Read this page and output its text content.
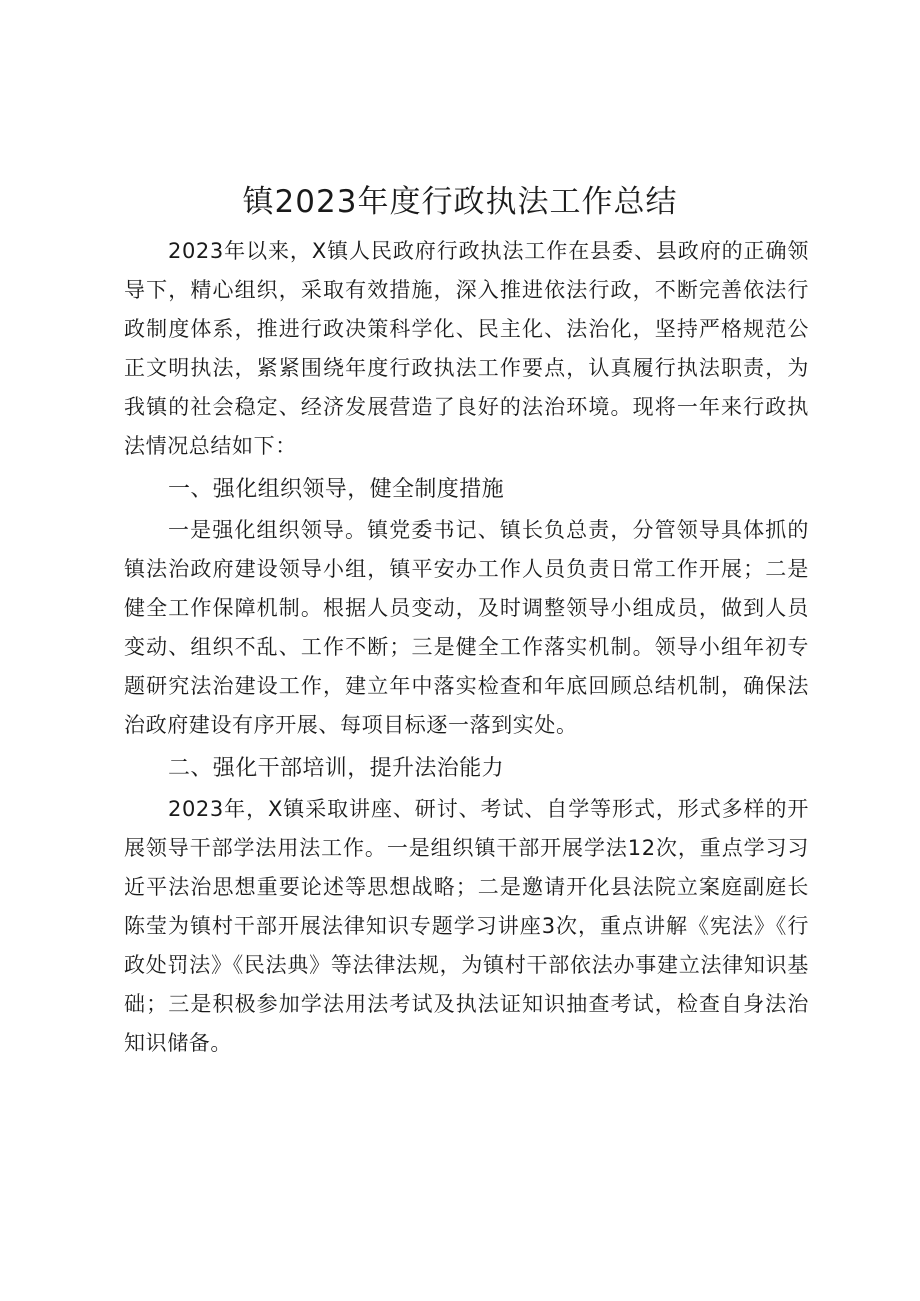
镇2023年度行政执法工作总结

2023年以来，X镇人民政府行政执法工作在县委、县政府的正确领导下，精心组织，采取有效措施，深入推进依法行政，不断完善依法行政制度体系，推进行政决策科学化、民主化、法治化，坚持严格规范公正文明执法，紧紧围绕年度行政执法工作要点，认真履行执法职责，为我镇的社会稳定、经济发展营造了良好的法治环境。现将一年来行政执法情况总结如下：

一、强化组织领导，健全制度措施

一是强化组织领导。镇党委书记、镇长负总责，分管领导具体抓的镇法治政府建设领导小组，镇平安办工作人员负责日常工作开展；二是健全工作保障机制。根据人员变动，及时调整领导小组成员，做到人员变动、组织不乱、工作不断；三是健全工作落实机制。领导小组年初专题研究法治建设工作，建立年中落实检查和年底回顾总结机制，确保法治政府建设有序开展、每项目标逐一落到实处。

二、强化干部培训，提升法治能力

2023年，X镇采取讲座、研讨、考试、自学等形式，形式多样的开展领导干部学法用法工作。一是组织镇干部开展学法12次，重点学习习近平法治思想重要论述等思想战略；二是邀请开化县法院立案庭副庭长陈莹为镇村干部开展法律知识专题学习讲座3次，重点讲解《宪法》《行政处罚法》《民法典》等法律法规，为镇村干部依法办事建立法律知识基础；三是积极参加学法用法考试及执法证知识抽查考试，检查自身法治知识储备。
